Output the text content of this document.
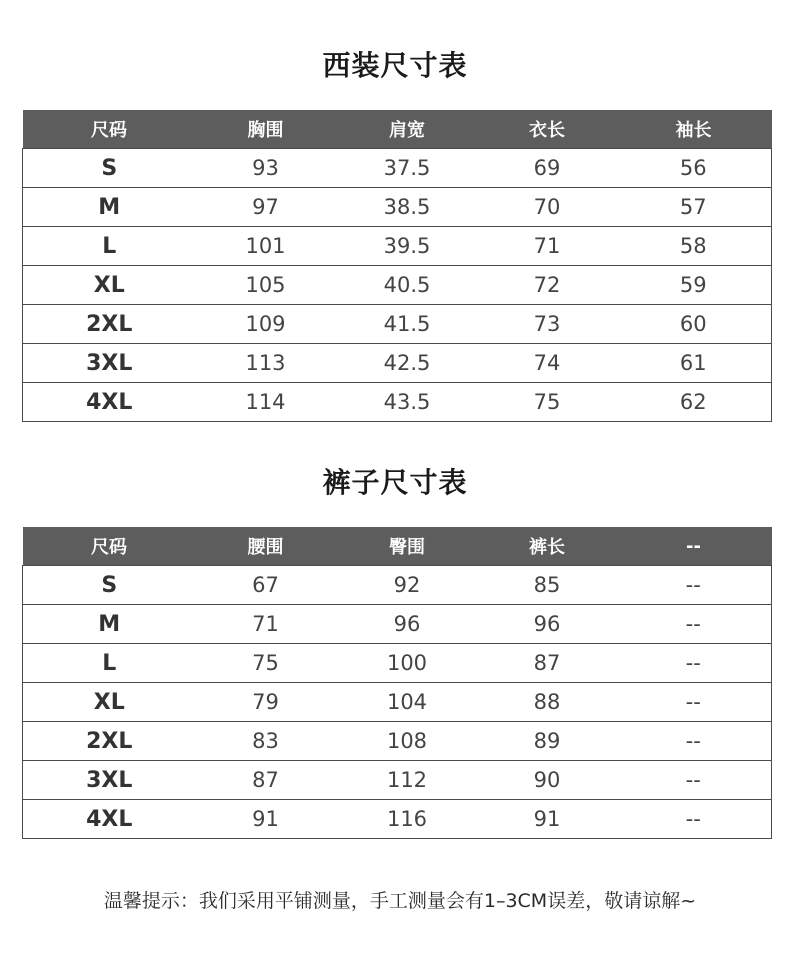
西装尺寸表
尺码	胸围	肩宽	衣长	袖长
S	93	37.5	69	56
M	97	38.5	70	57
L	101	39.5	71	58
XL	105	40.5	72	59
2XL	109	41.5	73	60
3XL	113	42.5	74	61
4XL	114	43.5	75	62
裤子尺寸表
尺码	腰围	臀围	裤长	--
S	67	92	85	--
M	71	96	96	--
L	75	100	87	--
XL	79	104	88	--
2XL	83	108	89	--
3XL	87	112	90	--
4XL	91	116	91	--
温馨提示：我们采用平铺测量，手工测量会有1–3CM误差，敬请谅解~
